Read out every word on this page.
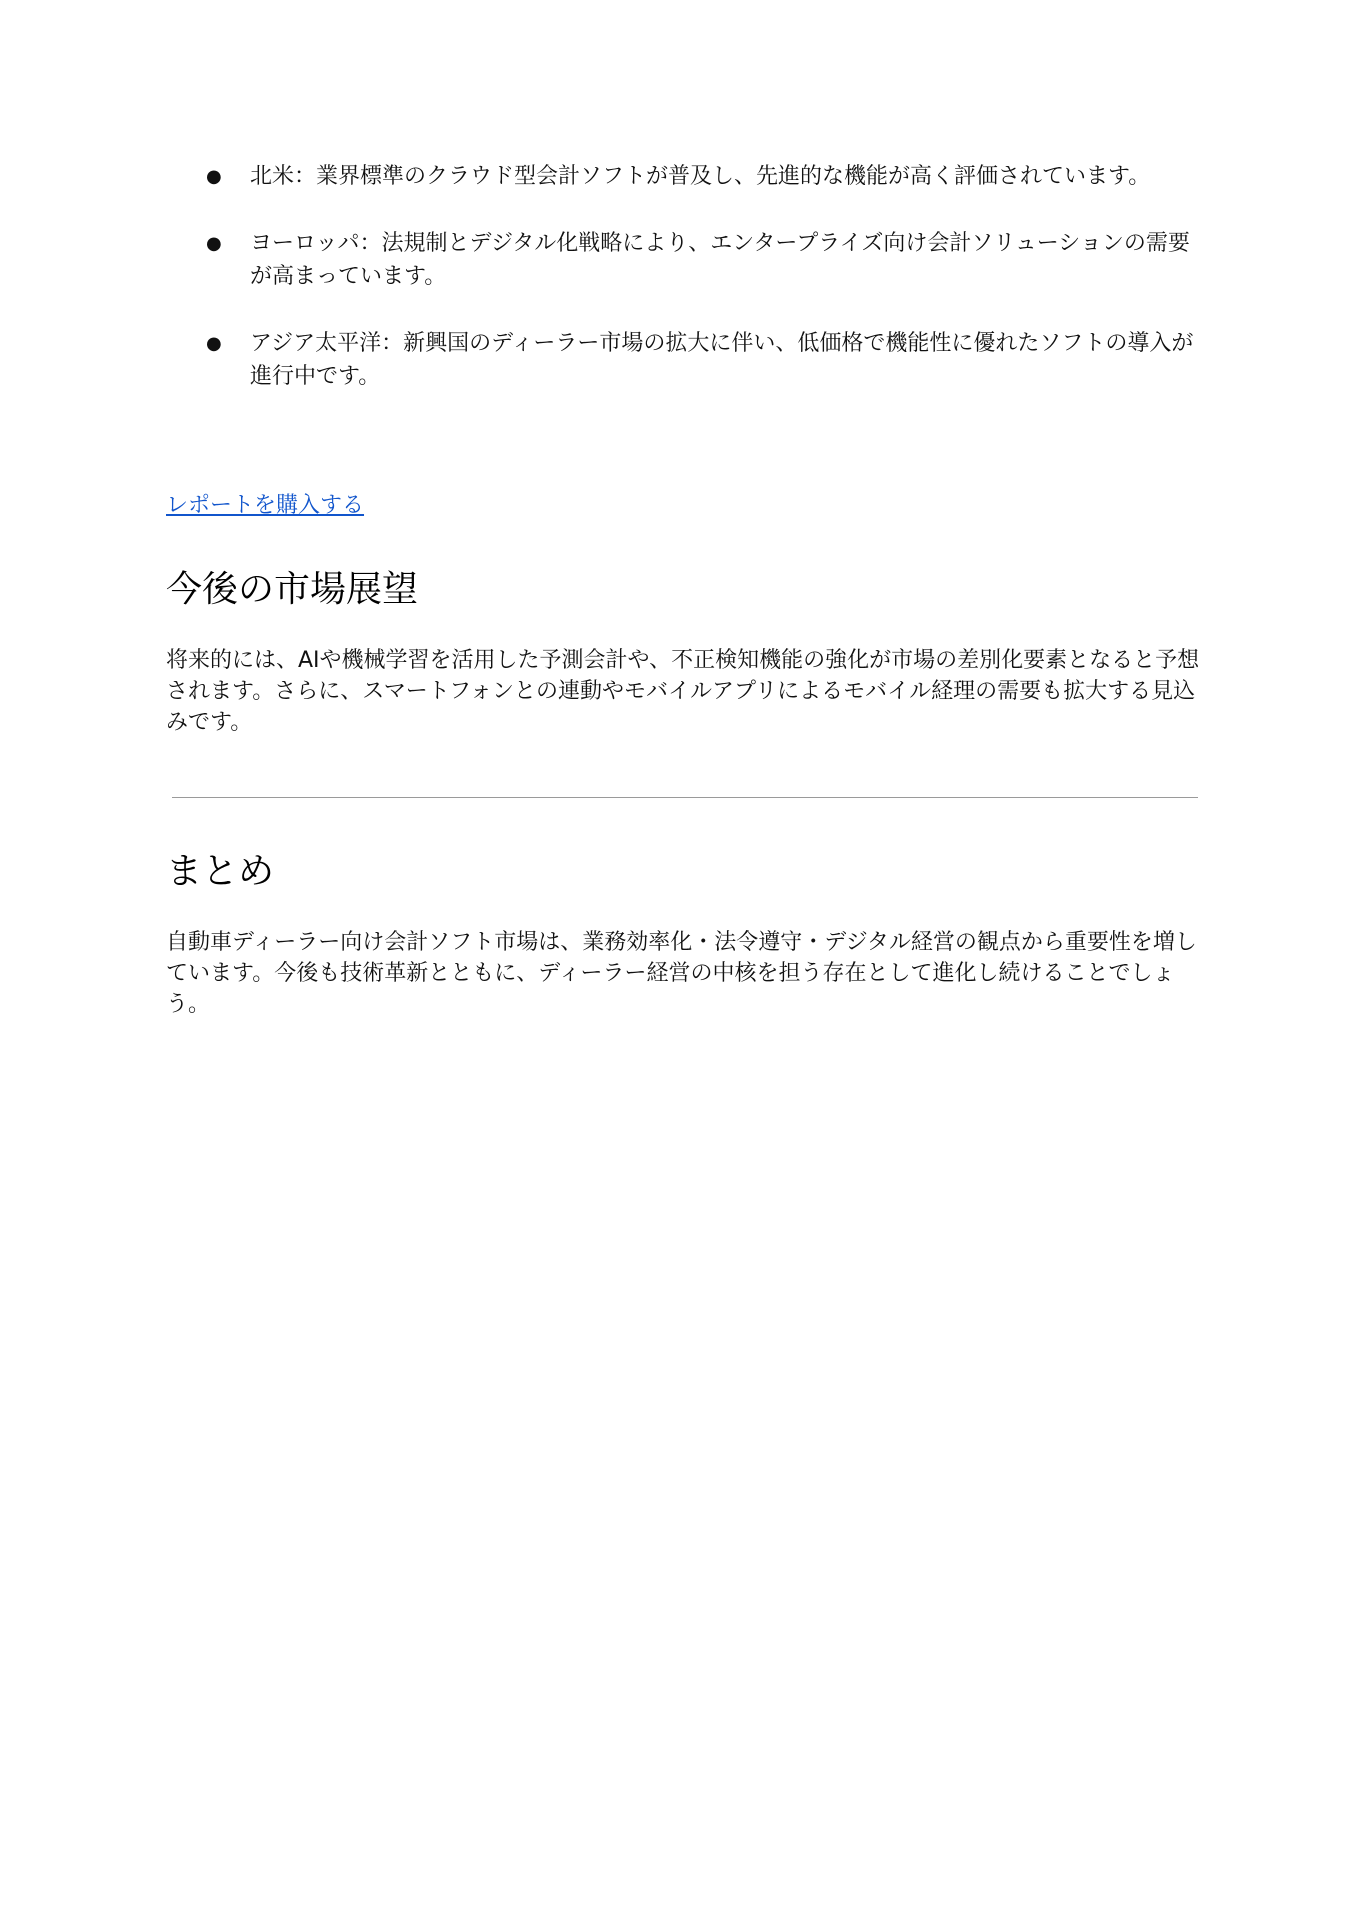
● 北米：業界標準のクラウド型会計ソフトが普及し、先進的な機能が高く評価されています。
● ヨーロッパ：法規制とデジタル化戦略により、エンタープライズ向け会計ソリューションの需要が高まっています。
● アジア太平洋：新興国のディーラー市場の拡大に伴い、低価格で機能性に優れたソフトの導入が進行中です。
レポートを購入する
今後の市場展望

将来的には、AIや機械学習を活用した予測会計や、不正検知機能の強化が市場の差別化要素となると予想されます。さらに、スマートフォンとの連動やモバイルアプリによるモバイル経理の需要も拡大する見込みです。

まとめ

自動車ディーラー向け会計ソフト市場は、業務効率化・法令遵守・デジタル経営の観点から重要性を増しています。今後も技術革新とともに、ディーラー経営の中核を担う存在として進化し続けることでしょう。
